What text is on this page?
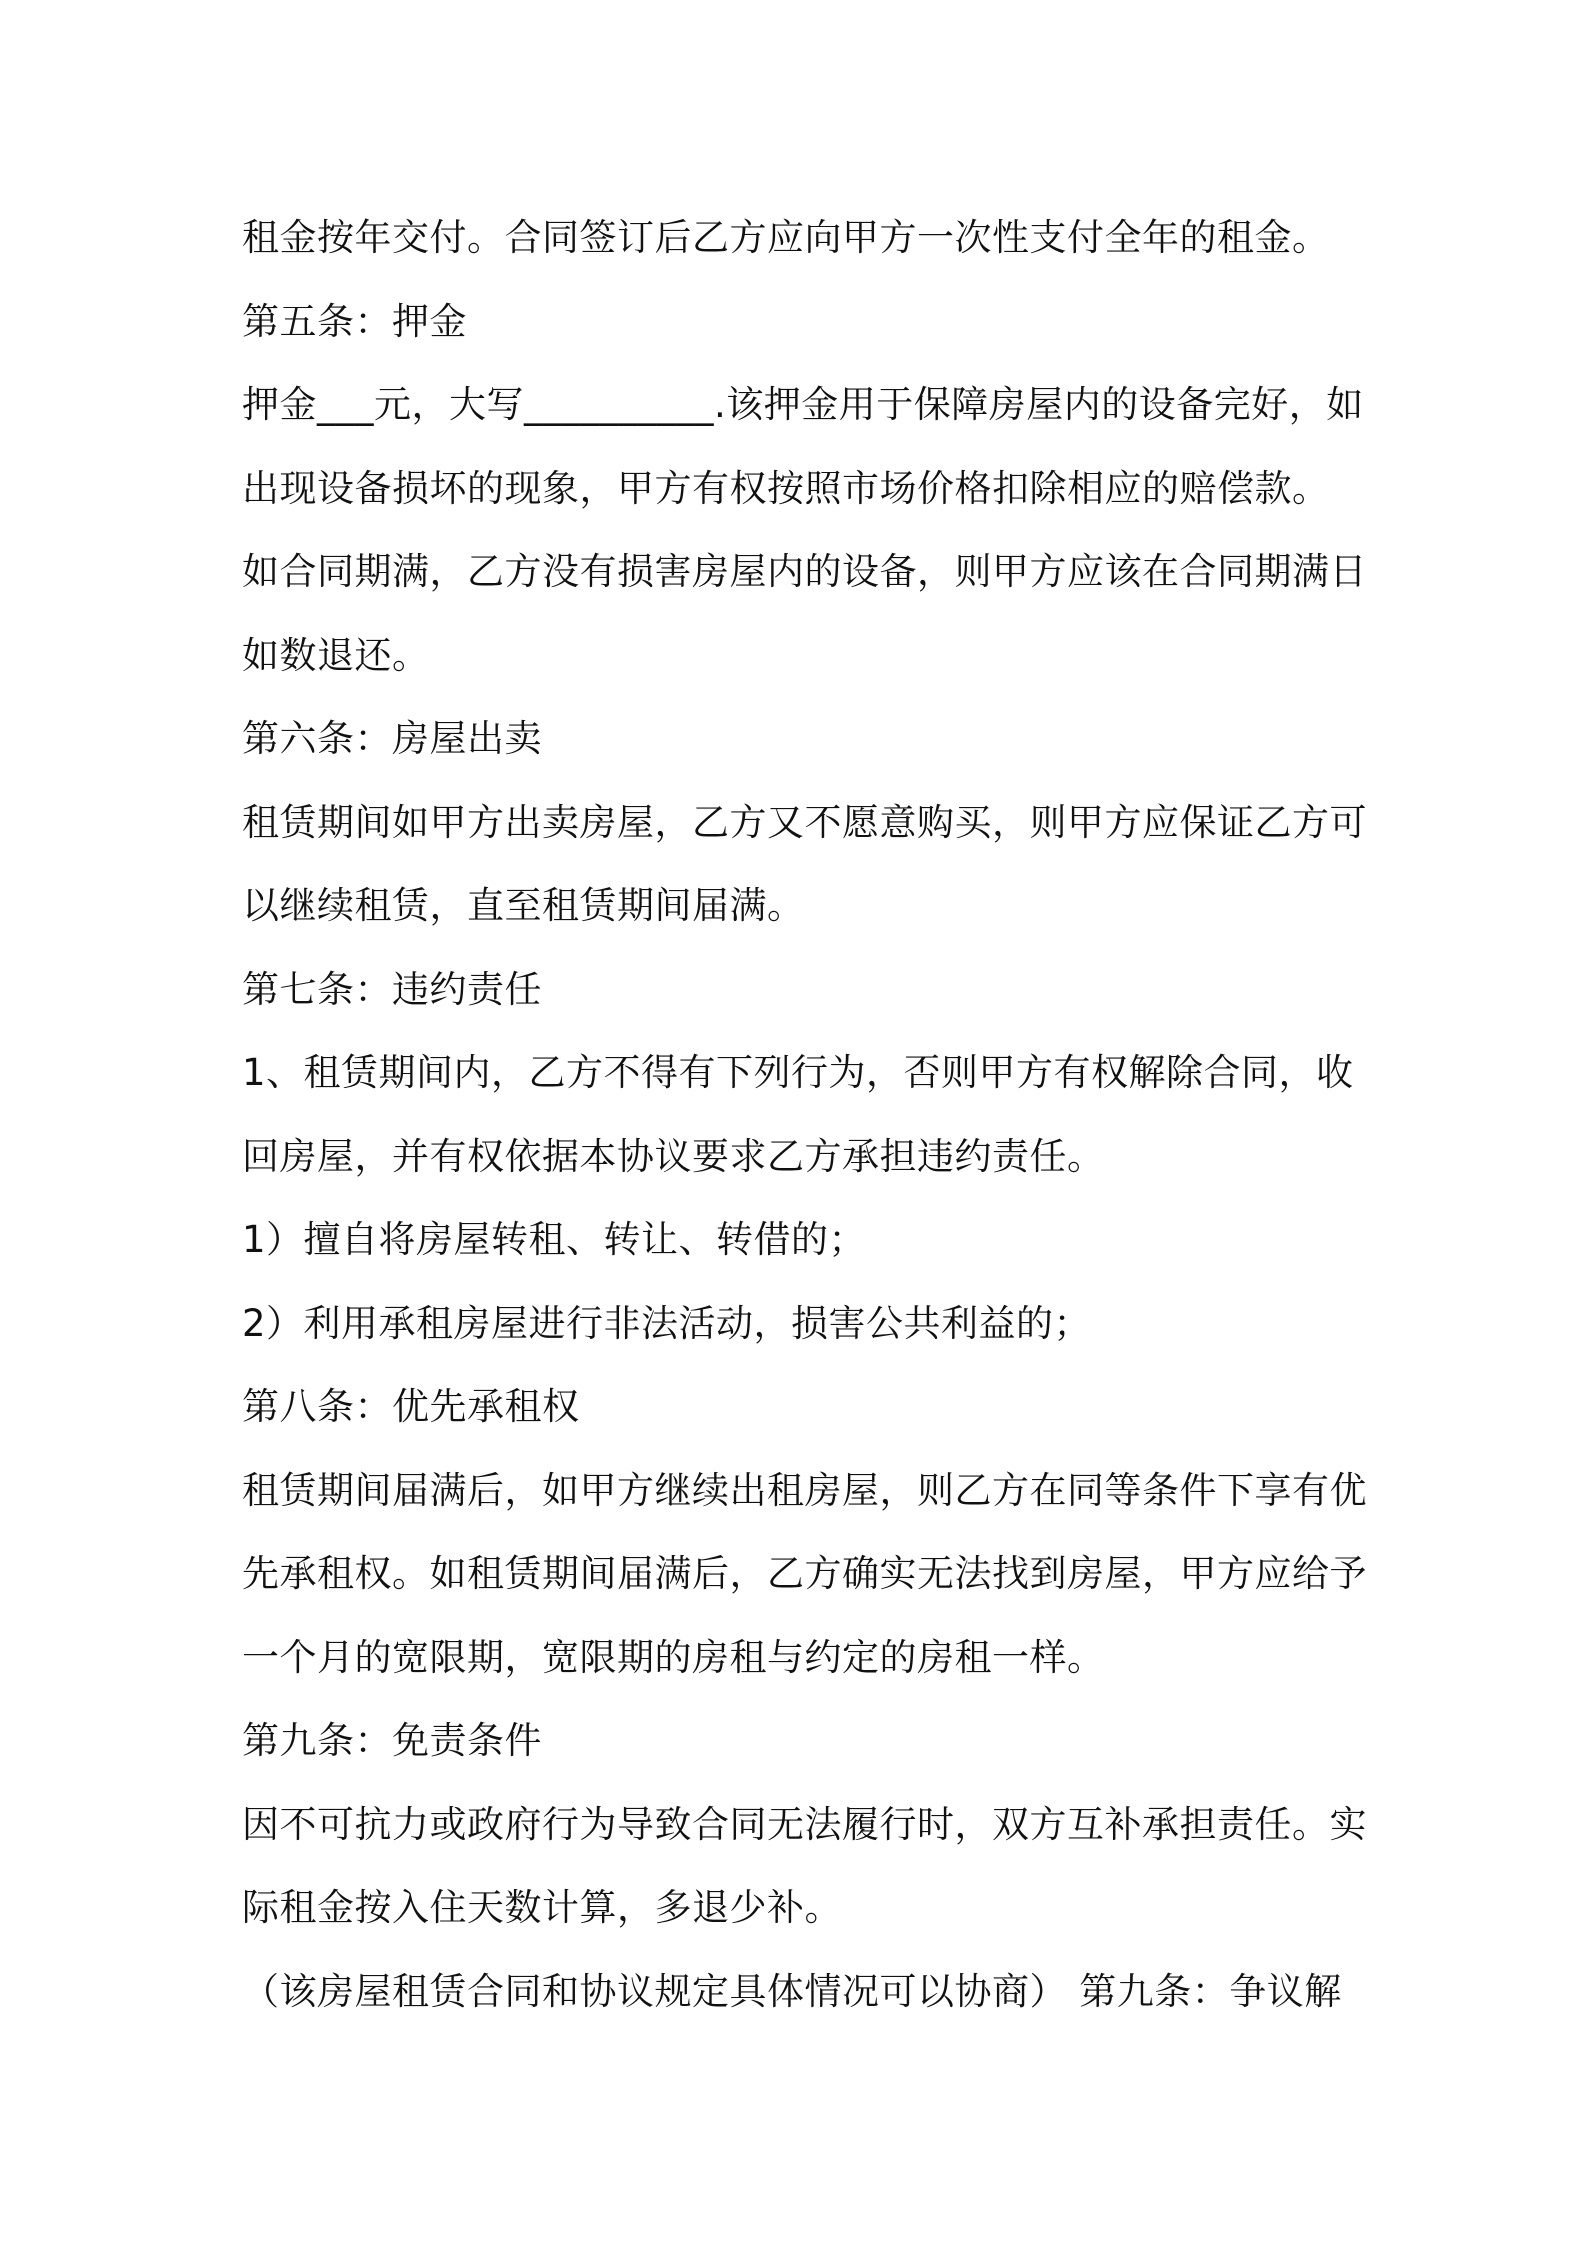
租金按年交付。合同签订后乙方应向甲方一次性支付全年的租金。
第五条：押金
押金___元，大写__________.该押金用于保障房屋内的设备完好，如
出现设备损坏的现象，甲方有权按照市场价格扣除相应的赔偿款。
如合同期满，乙方没有损害房屋内的设备，则甲方应该在合同期满日
如数退还。
第六条：房屋出卖
租赁期间如甲方出卖房屋，乙方又不愿意购买，则甲方应保证乙方可
以继续租赁，直至租赁期间届满。
第七条：违约责任
1、租赁期间内，乙方不得有下列行为，否则甲方有权解除合同，收
回房屋，并有权依据本协议要求乙方承担违约责任。
1）擅自将房屋转租、转让、转借的；
2）利用承租房屋进行非法活动，损害公共利益的；
第八条：优先承租权
租赁期间届满后，如甲方继续出租房屋，则乙方在同等条件下享有优
先承租权。如租赁期间届满后，乙方确实无法找到房屋，甲方应给予
一个月的宽限期，宽限期的房租与约定的房租一样。
第九条：免责条件
因不可抗力或政府行为导致合同无法履行时，双方互补承担责任。实
际租金按入住天数计算，多退少补。
（该房屋租赁合同和协议规定具体情况可以协商） 第九条：争议解
